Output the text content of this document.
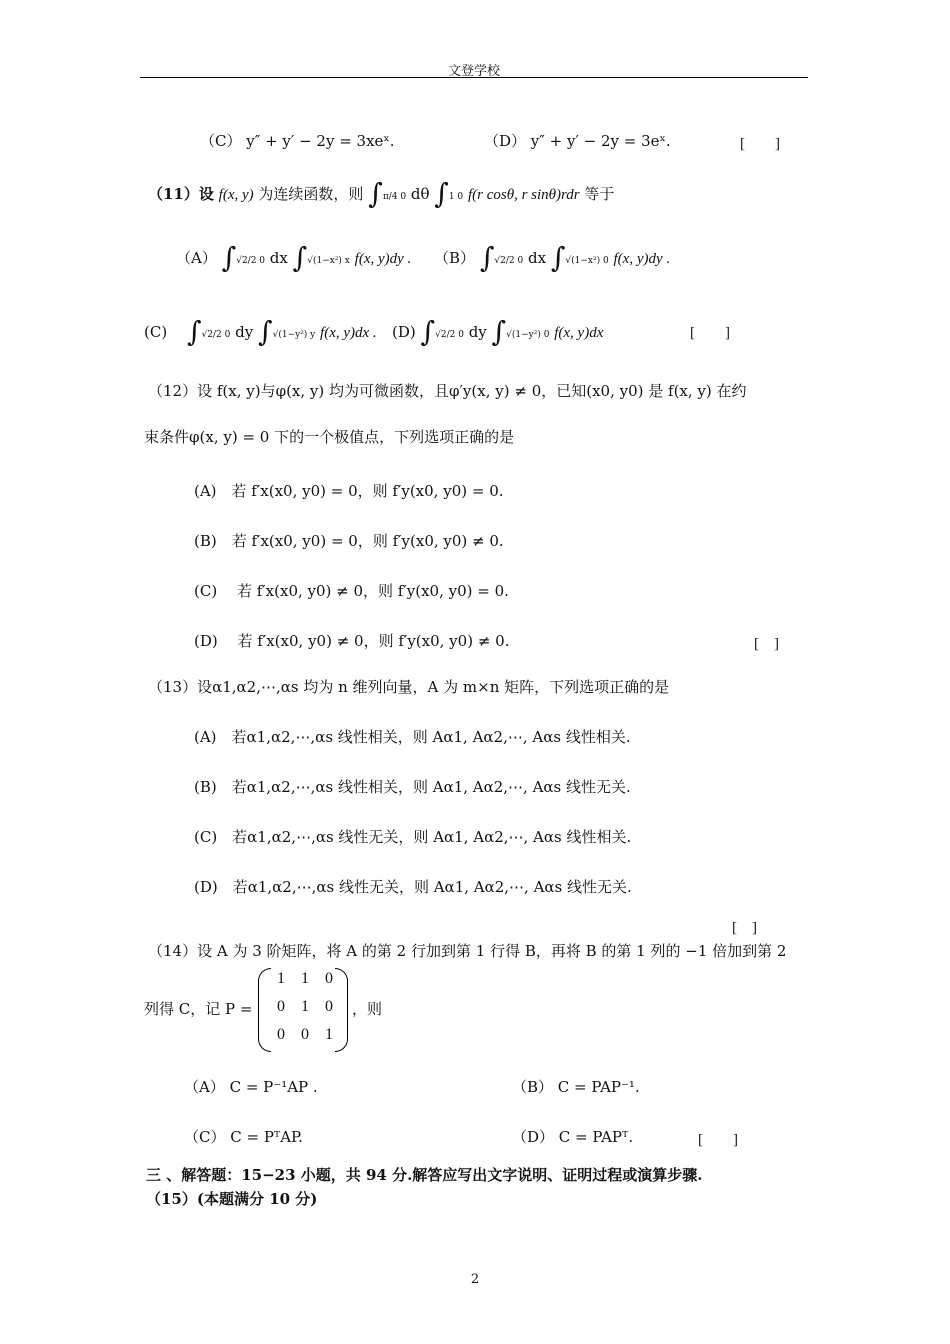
文登学校
（C） y″ + y′ − 2y = 3xeˣ.	（D） y″ + y′ − 2y = 3eˣ.	[　　]
（11）设 f(x, y) 为连续函数，则 ∫π/4 0 dθ ∫1 0 f(r cosθ, r sinθ)rdr 等于
（A） ∫√2/2 0 dx ∫√(1−x²) x f(x, y)dy . （B） ∫√2/2 0 dx ∫√(1−x²) 0 f(x, y)dy .
(C)　 ∫√2/2 0 dy ∫√(1−y²) y f(x, y)dx . (D) ∫√2/2 0 dy ∫√(1−y²) 0 f(x, y)dx	[　　]
（12）设 f(x, y)与φ(x, y) 均为可微函数，且φ′y(x, y) ≠ 0，已知(x0, y0) 是 f(x, y) 在约
束条件φ(x, y) = 0 下的一个极值点，下列选项正确的是
(A)　若 f′x(x0, y0) = 0，则 f′y(x0, y0) = 0.
(B)　若 f′x(x0, y0) = 0，则 f′y(x0, y0) ≠ 0.
(C)　 若 f′x(x0, y0) ≠ 0，则 f′y(x0, y0) = 0.
(D)　 若 f′x(x0, y0) ≠ 0，则 f′y(x0, y0) ≠ 0.	[　]
（13）设α1,α2,⋯,αs 均为 n 维列向量，A 为 m×n 矩阵，下列选项正确的是
(A)　若α1,α2,⋯,αs 线性相关，则 Aα1, Aα2,⋯, Aαs 线性相关.
(B)　若α1,α2,⋯,αs 线性相关，则 Aα1, Aα2,⋯, Aαs 线性无关.
(C)　若α1,α2,⋯,αs 线性无关，则 Aα1, Aα2,⋯, Aαs 线性相关.
(D)　若α1,α2,⋯,αs 线性无关，则 Aα1, Aα2,⋯, Aαs 线性无关.
[　]
（14）设 A 为 3 阶矩阵，将 A 的第 2 行加到第 1 行得 B，再将 B 的第 1 列的 −1 倍加到第 2
列得 C，记 P =
1	1	0
0	1	0
0	0	1
，则
（A） C = P⁻¹AP .	（B） C = PAP⁻¹.
（C） C = PᵀAP.	（D） C = PAPᵀ.	[　　]
三 、解答题：15−23 小题，共 94 分.解答应写出文字说明、证明过程或演算步骤.
（15）(本题满分 10 分)
2
